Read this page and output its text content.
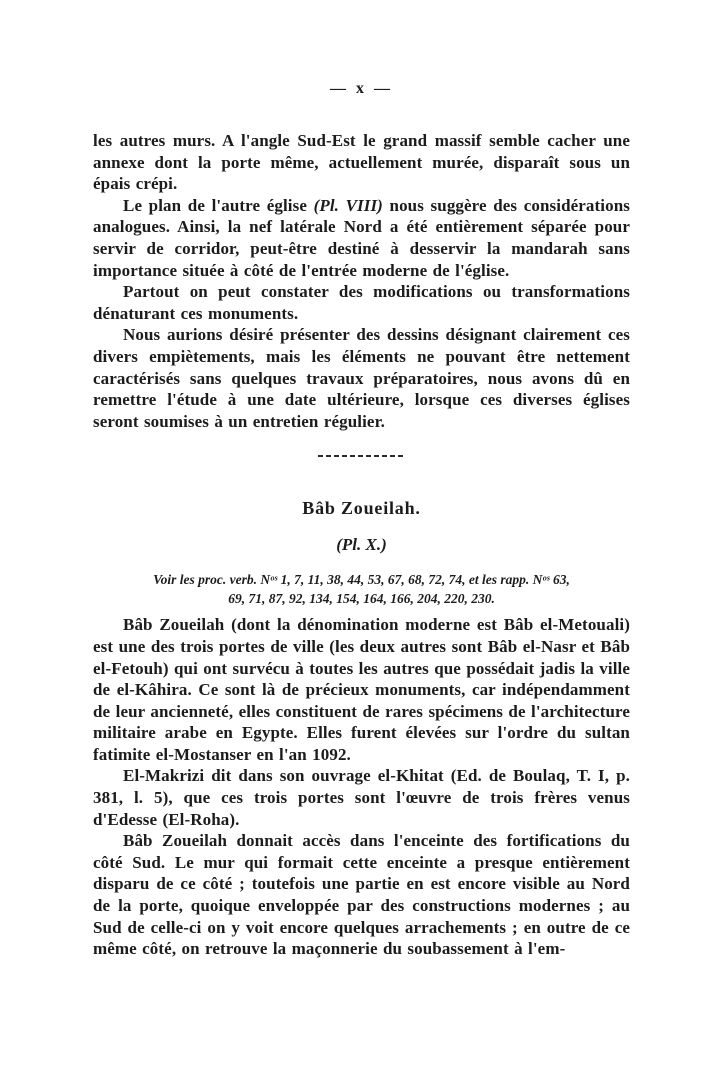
— x —

les autres murs. A l'angle Sud-Est le grand massif semble cacher une annexe dont la porte même, actuellement murée, disparaît sous un épais crépi.

Le plan de l'autre église (Pl. VIII) nous suggère des considérations analogues. Ainsi, la nef latérale Nord a été entièrement séparée pour servir de corridor, peut-être destiné à desservir la mandarah sans importance située à côté de l'entrée moderne de l'église.

Partout on peut constater des modifications ou transformations dénaturant ces monuments.

Nous aurions désiré présenter des dessins désignant clairement ces divers empiètements, mais les éléments ne pouvant être nettement caractérisés sans quelques travaux préparatoires, nous avons dû en remettre l'étude à une date ultérieure, lorsque ces diverses églises seront soumises à un entretien régulier.

Bâb Zoueilah.
(Pl. X.)
Voir les proc. verb. Nᵒˢ 1, 7, 11, 38, 44, 53, 67, 68, 72, 74, et les rapp. Nᵒˢ 63,
69, 71, 87, 92, 134, 154, 164, 166, 204, 220, 230.

Bâb Zoueilah (dont la dénomination moderne est Bâb el-Metouali) est une des trois portes de ville (les deux autres sont Bâb el-Nasr et Bâb el-Fetouh) qui ont survécu à toutes les autres que possédait jadis la ville de el-Kâhira. Ce sont là de précieux monuments, car indépendamment de leur ancienneté, elles constituent de rares spécimens de l'architecture militaire arabe en Egypte. Elles furent élevées sur l'ordre du sultan fatimite el-Mostanser en l'an 1092.

El-Makrizi dit dans son ouvrage el-Khitat (Ed. de Boulaq, T. I, p. 381, l. 5), que ces trois portes sont l'œuvre de trois frères venus d'Edesse (El-Roha).

Bâb Zoueilah donnait accès dans l'enceinte des fortifications du côté Sud. Le mur qui formait cette enceinte a presque entièrement disparu de ce côté ; toutefois une partie en est encore visible au Nord de la porte, quoique enveloppée par des constructions modernes ; au Sud de celle-ci on y voit encore quelques arrachements ; en outre de ce même côté, on retrouve la maçonnerie du soubassement à l'em-
